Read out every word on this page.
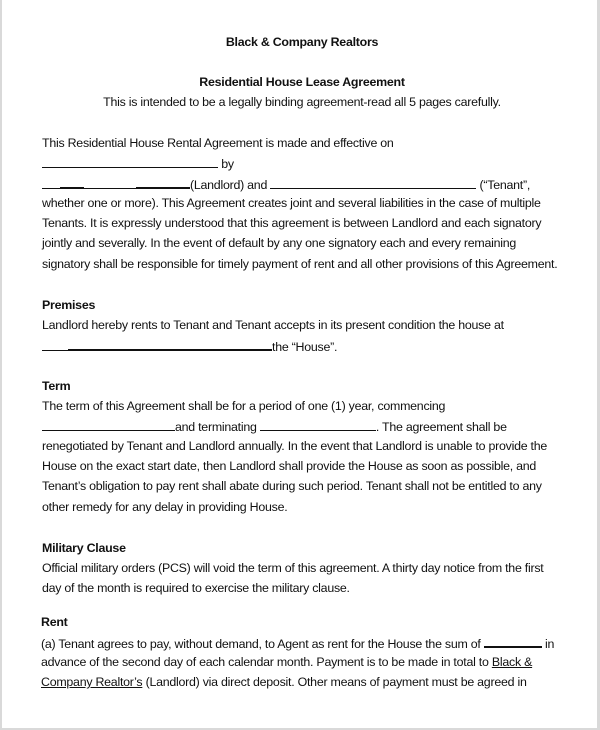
Black & Company Realtors
Residential House Lease Agreement
This is intended to be a legally binding agreement-read all 5 pages carefully.
This Residential House Rental Agreement is made and effective on
by
(Landlord) and	(“Tenant”,
whether one or more). This Agreement creates joint and several liabilities in the case of multiple
Tenants. It is expressly understood that this agreement is between Landlord and each signatory
jointly and severally. In the event of default by any one signatory each and every remaining
signatory shall be responsible for timely payment of rent and all other provisions of this Agreement.
Premises
Landlord hereby rents to Tenant and Tenant accepts in its present condition the house at
the “House”.
Term
The term of this Agreement shall be for a period of one (1) year, commencing
and terminating	. The agreement shall be
renegotiated by Tenant and Landlord annually. In the event that Landlord is unable to provide the
House on the exact start date, then Landlord shall provide the House as soon as possible, and
Tenant’s obligation to pay rent shall abate during such period. Tenant shall not be entitled to any
other remedy for any delay in providing House.
Military Clause
Official military orders (PCS) will void the term of this agreement. A thirty day notice from the first
day of the month is required to exercise the military clause.
Rent
(a) Tenant agrees to pay, without demand, to Agent as rent for the House the sum of	in
advance of the second day of each calendar month. Payment is to be made in total to Black &
Company Realtor’s (Landlord) via direct deposit. Other means of payment must be agreed in
